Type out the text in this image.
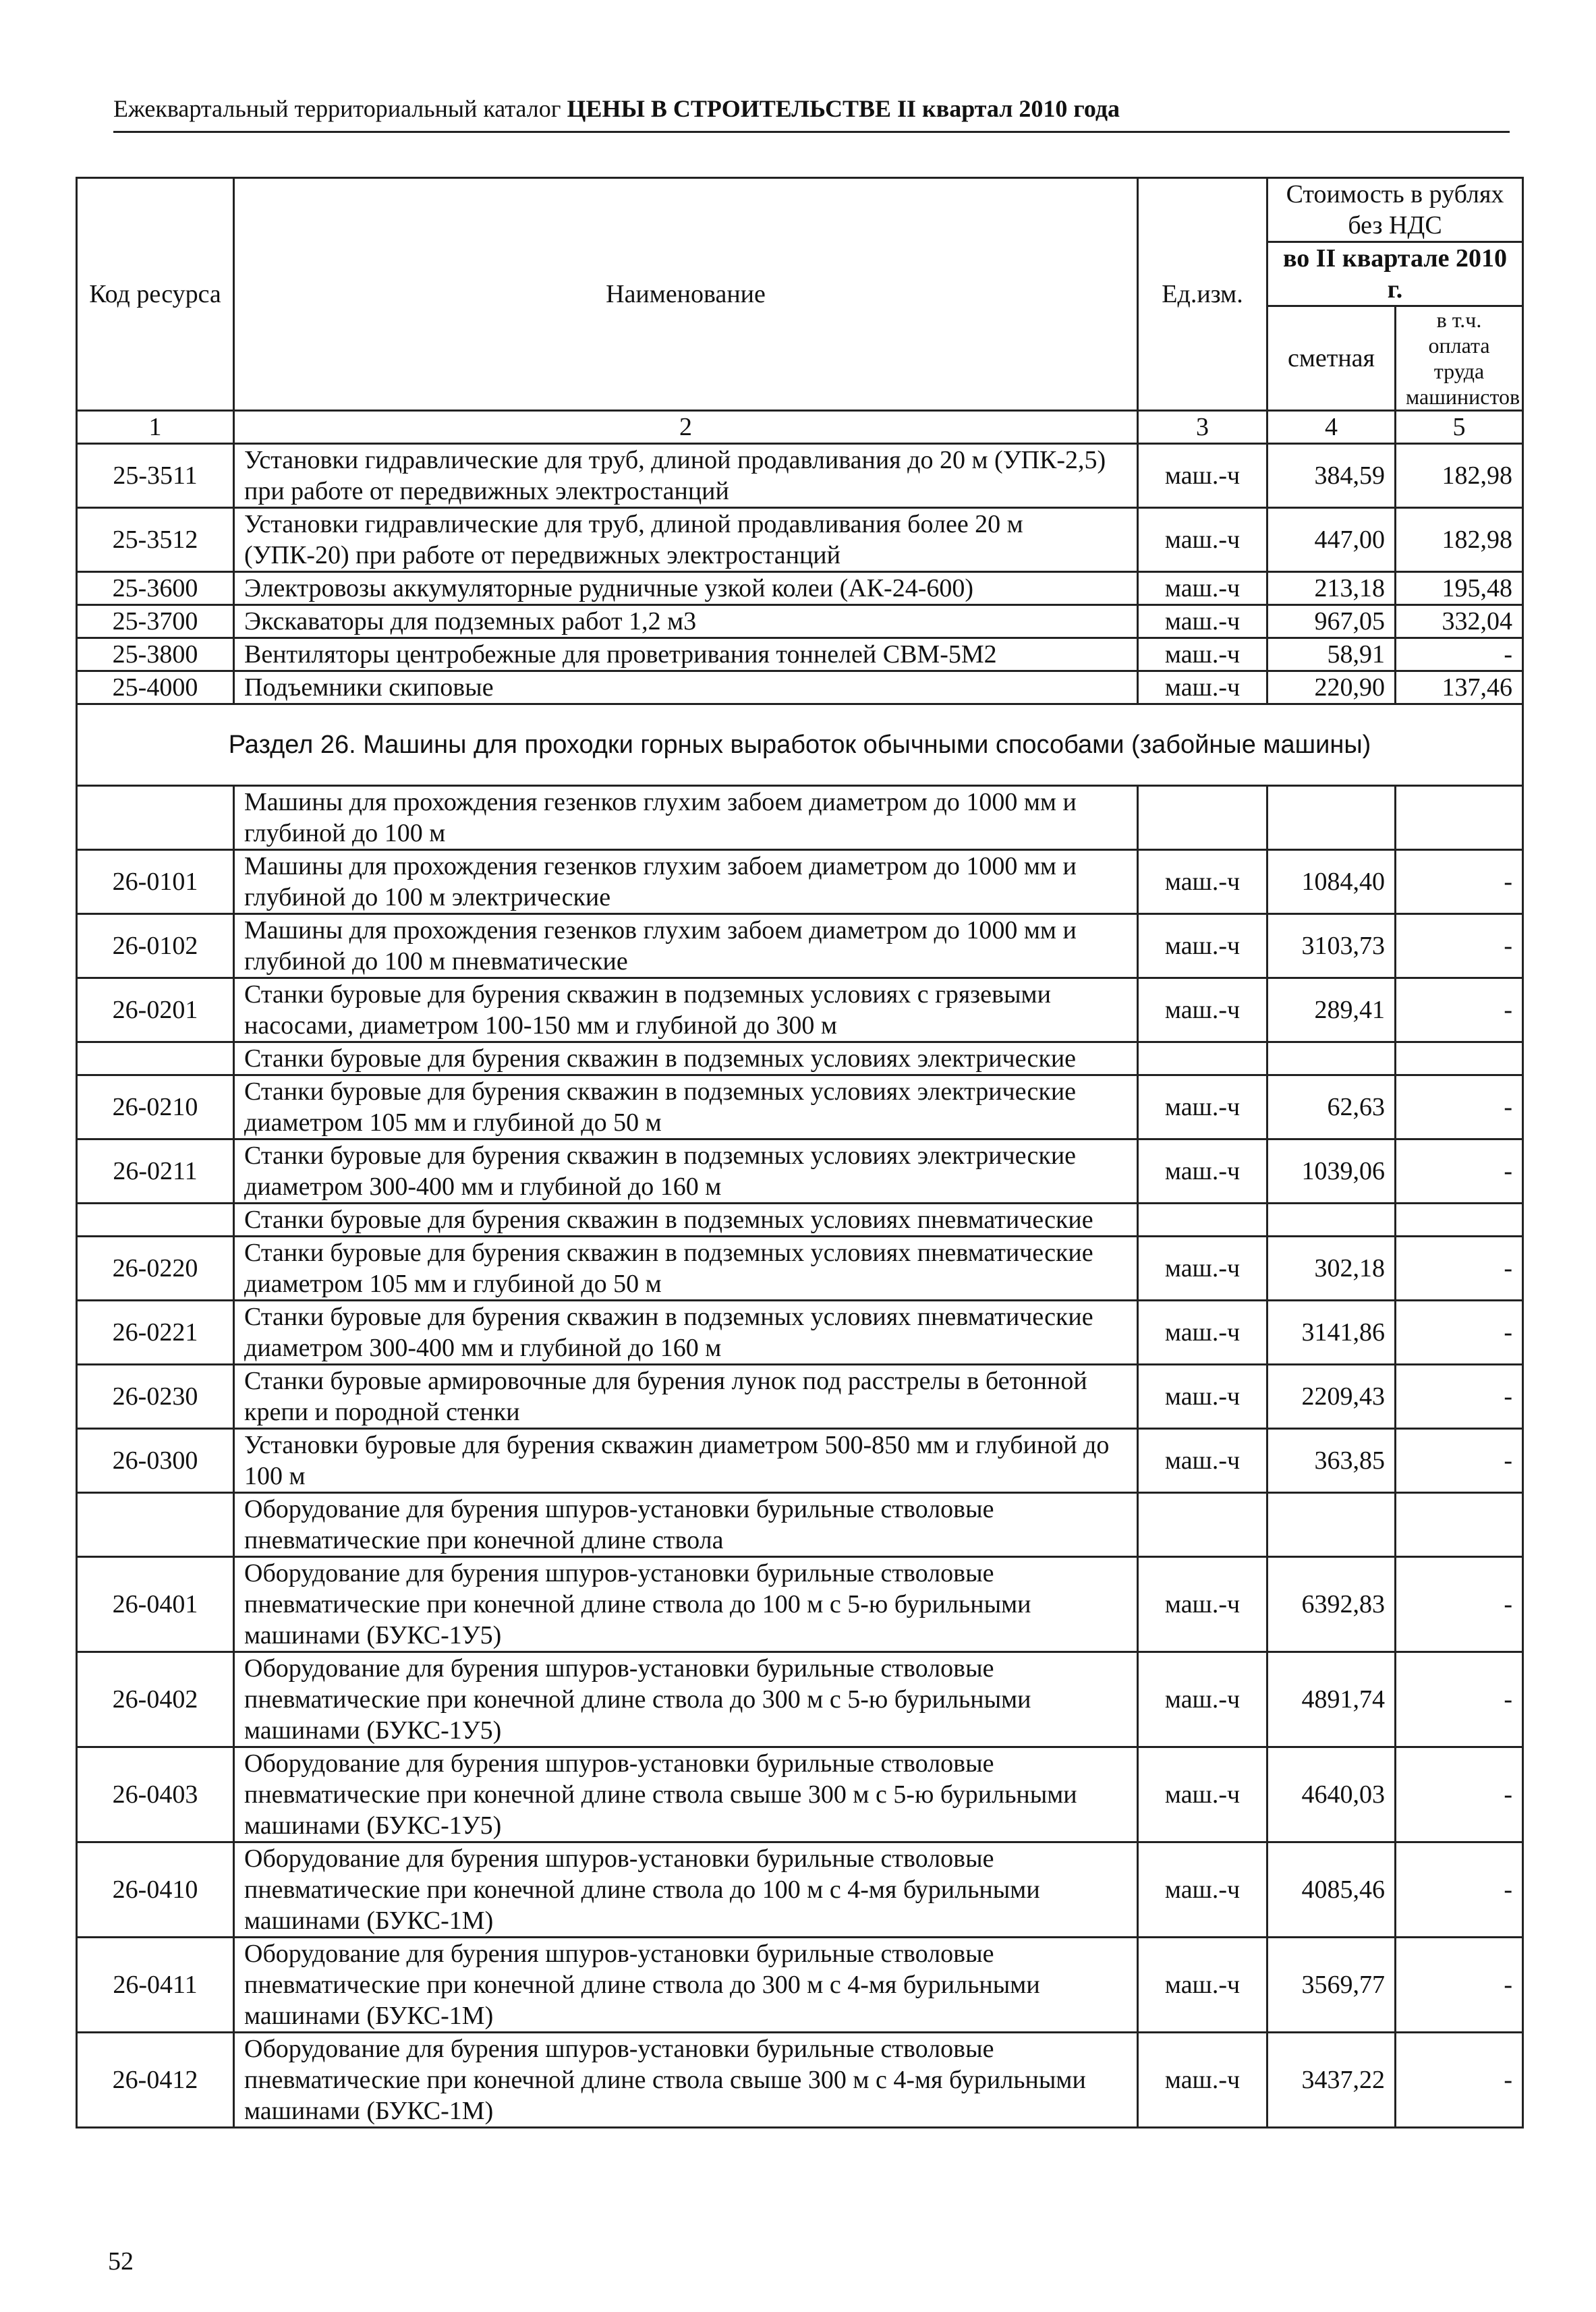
Ежеквартальный территориальный каталог ЦЕНЫ В СТРОИТЕЛЬСТВЕ II квартал 2010 года
Код ресурса	Наименование	Ед.изм.	Стоимость в рублях без НДС	
			во II квартале 2010 г.	
			сметная	в т.ч. оплата труда машинистов
1	2	3	4	5
25-3511	Установки гидравлические для труб, длиной продавливания до 20 м (УПК-2,5) при работе от передвижных электростанций	маш.-ч	384,59	182,98
25-3512	Установки гидравлические для труб, длиной продавливания более 20 м (УПК-20) при работе от передвижных электростанций	маш.-ч	447,00	182,98
25-3600	Электровозы аккумуляторные рудничные узкой колеи (АК-24-600)	маш.-ч	213,18	195,48
25-3700	Экскаваторы для подземных работ 1,2 м3	маш.-ч	967,05	332,04
25-3800	Вентиляторы центробежные для проветривания тоннелей СВМ-5М2	маш.-ч	58,91	-
25-4000	Подъемники скиповые	маш.-ч	220,90	137,46
Раздел 26. Машины для проходки горных выработок обычными способами (забойные машины)				
	Машины для прохождения гезенков глухим забоем диаметром до 1000 мм и глубиной до 100 м			
26-0101	Машины для прохождения гезенков глухим забоем диаметром до 1000 мм и глубиной до 100 м электрические	маш.-ч	1084,40	-
26-0102	Машины для прохождения гезенков глухим забоем диаметром до 1000 мм и глубиной до 100 м пневматические	маш.-ч	3103,73	-
26-0201	Станки буровые для бурения скважин в подземных условиях с грязевыми насосами, диаметром 100-150 мм и глубиной до 300 м	маш.-ч	289,41	-
	Станки буровые для бурения скважин в подземных условиях электрические			
26-0210	Станки буровые для бурения скважин в подземных условиях электрические диаметром 105 мм и глубиной до 50 м	маш.-ч	62,63	-
26-0211	Станки буровые для бурения скважин в подземных условиях электрические диаметром 300-400 мм и глубиной до 160 м	маш.-ч	1039,06	-
	Станки буровые для бурения скважин в подземных условиях пневматические			
26-0220	Станки буровые для бурения скважин в подземных условиях пневматические диаметром 105 мм и глубиной до 50 м	маш.-ч	302,18	-
26-0221	Станки буровые для бурения скважин в подземных условиях пневматические диаметром 300-400 мм и глубиной до 160 м	маш.-ч	3141,86	-
26-0230	Станки буровые армировочные для бурения лунок под расстрелы в бетонной крепи и породной стенки	маш.-ч	2209,43	-
26-0300	Установки буровые для бурения скважин диаметром 500-850 мм и глубиной до 100 м	маш.-ч	363,85	-
	Оборудование для бурения шпуров-установки бурильные стволовые пневматические при конечной длине ствола			
26-0401	Оборудование для бурения шпуров-установки бурильные стволовые пневматические при конечной длине ствола до 100 м с 5-ю бурильными машинами (БУКС-1У5)	маш.-ч	6392,83	-
26-0402	Оборудование для бурения шпуров-установки бурильные стволовые пневматические при конечной длине ствола до 300 м с 5-ю бурильными машинами (БУКС-1У5)	маш.-ч	4891,74	-
26-0403	Оборудование для бурения шпуров-установки бурильные стволовые пневматические при конечной длине ствола свыше 300 м с 5-ю бурильными машинами (БУКС-1У5)	маш.-ч	4640,03	-
26-0410	Оборудование для бурения шпуров-установки бурильные стволовые пневматические при конечной длине ствола до 100 м с 4-мя бурильными машинами (БУКС-1М)	маш.-ч	4085,46	-
26-0411	Оборудование для бурения шпуров-установки бурильные стволовые пневматические при конечной длине ствола до 300 м с 4-мя бурильными машинами (БУКС-1М)	маш.-ч	3569,77	-
26-0412	Оборудование для бурения шпуров-установки бурильные стволовые пневматические при конечной длине ствола свыше 300 м с 4-мя бурильными машинами (БУКС-1М)	маш.-ч	3437,22	-
52
